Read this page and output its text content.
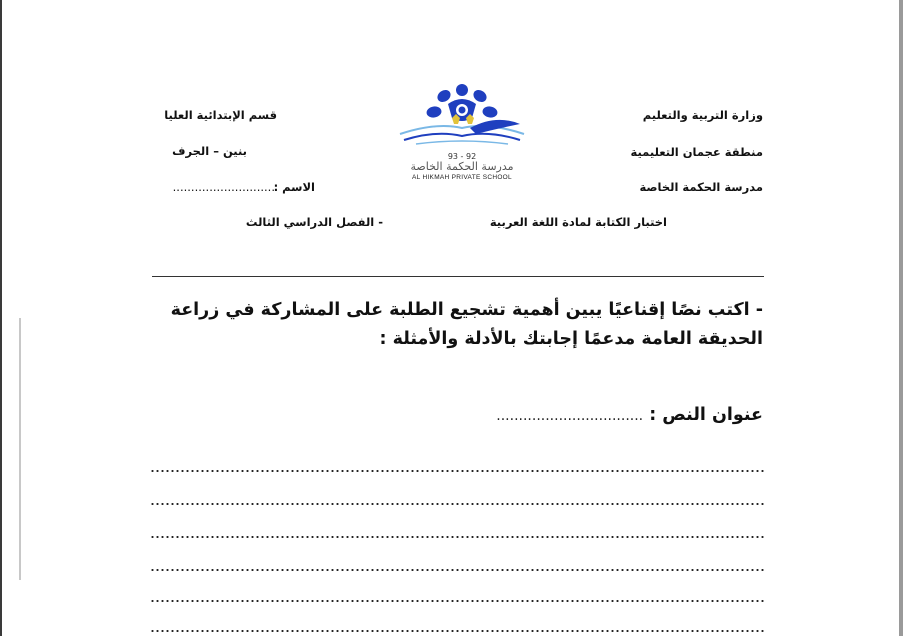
وزارة التربية والتعليم
منطقة عجمان التعليمية
مدرسة الحكمة الخاصة
قسم الإبتدائية العليا
بنين – الجرف
الاسم :
............................
اختبار الكتابة لمادة اللغة العربية
- الفصل الدراسي الثالث
93 - 92
مدرسة الحكمة الخاصة
AL HIKMAH PRIVATE SCHOOL
- اكتب نصًا إقناعيًا يبين أهمية تشجيع الطلبة على المشاركة في زراعة الحديقة العامة مدعمًا إجابتك بالأدلة والأمثلة :
عنوان النص : .................................
